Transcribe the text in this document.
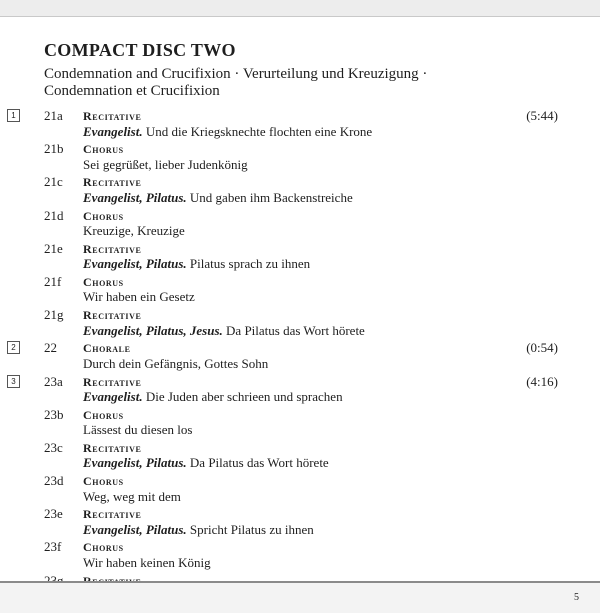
COMPACT DISC TWO
Condemnation and Crucifixion · Verurteilung und Kreuzigung ·
Condemnation et Crucifixion
1	21a Recitative	(5:44)
Evangelist. Und die Kriegsknechte flochten eine Krone
21b Chorus
Sei gegrüßet, lieber Judenkönig
21c Recitative
Evangelist, Pilatus. Und gaben ihm Backenstreiche
21d Chorus
Kreuzige, Kreuzige
21e Recitative
Evangelist, Pilatus. Pilatus sprach zu ihnen
21f Chorus
Wir haben ein Gesetz
21g Recitative
Evangelist, Pilatus, Jesus. Da Pilatus das Wort hörete
2	22 Chorale	(0:54)
Durch dein Gefängnis, Gottes Sohn
3	23a Recitative	(4:16)
Evangelist. Die Juden aber schrieen und sprachen
23b Chorus
Lässest du diesen los
23c Recitative
Evangelist, Pilatus. Da Pilatus das Wort hörete
23d Chorus
Weg, weg mit dem
23e Recitative
Evangelist, Pilatus. Spricht Pilatus zu ihnen
23f Chorus
Wir haben keinen König
5
